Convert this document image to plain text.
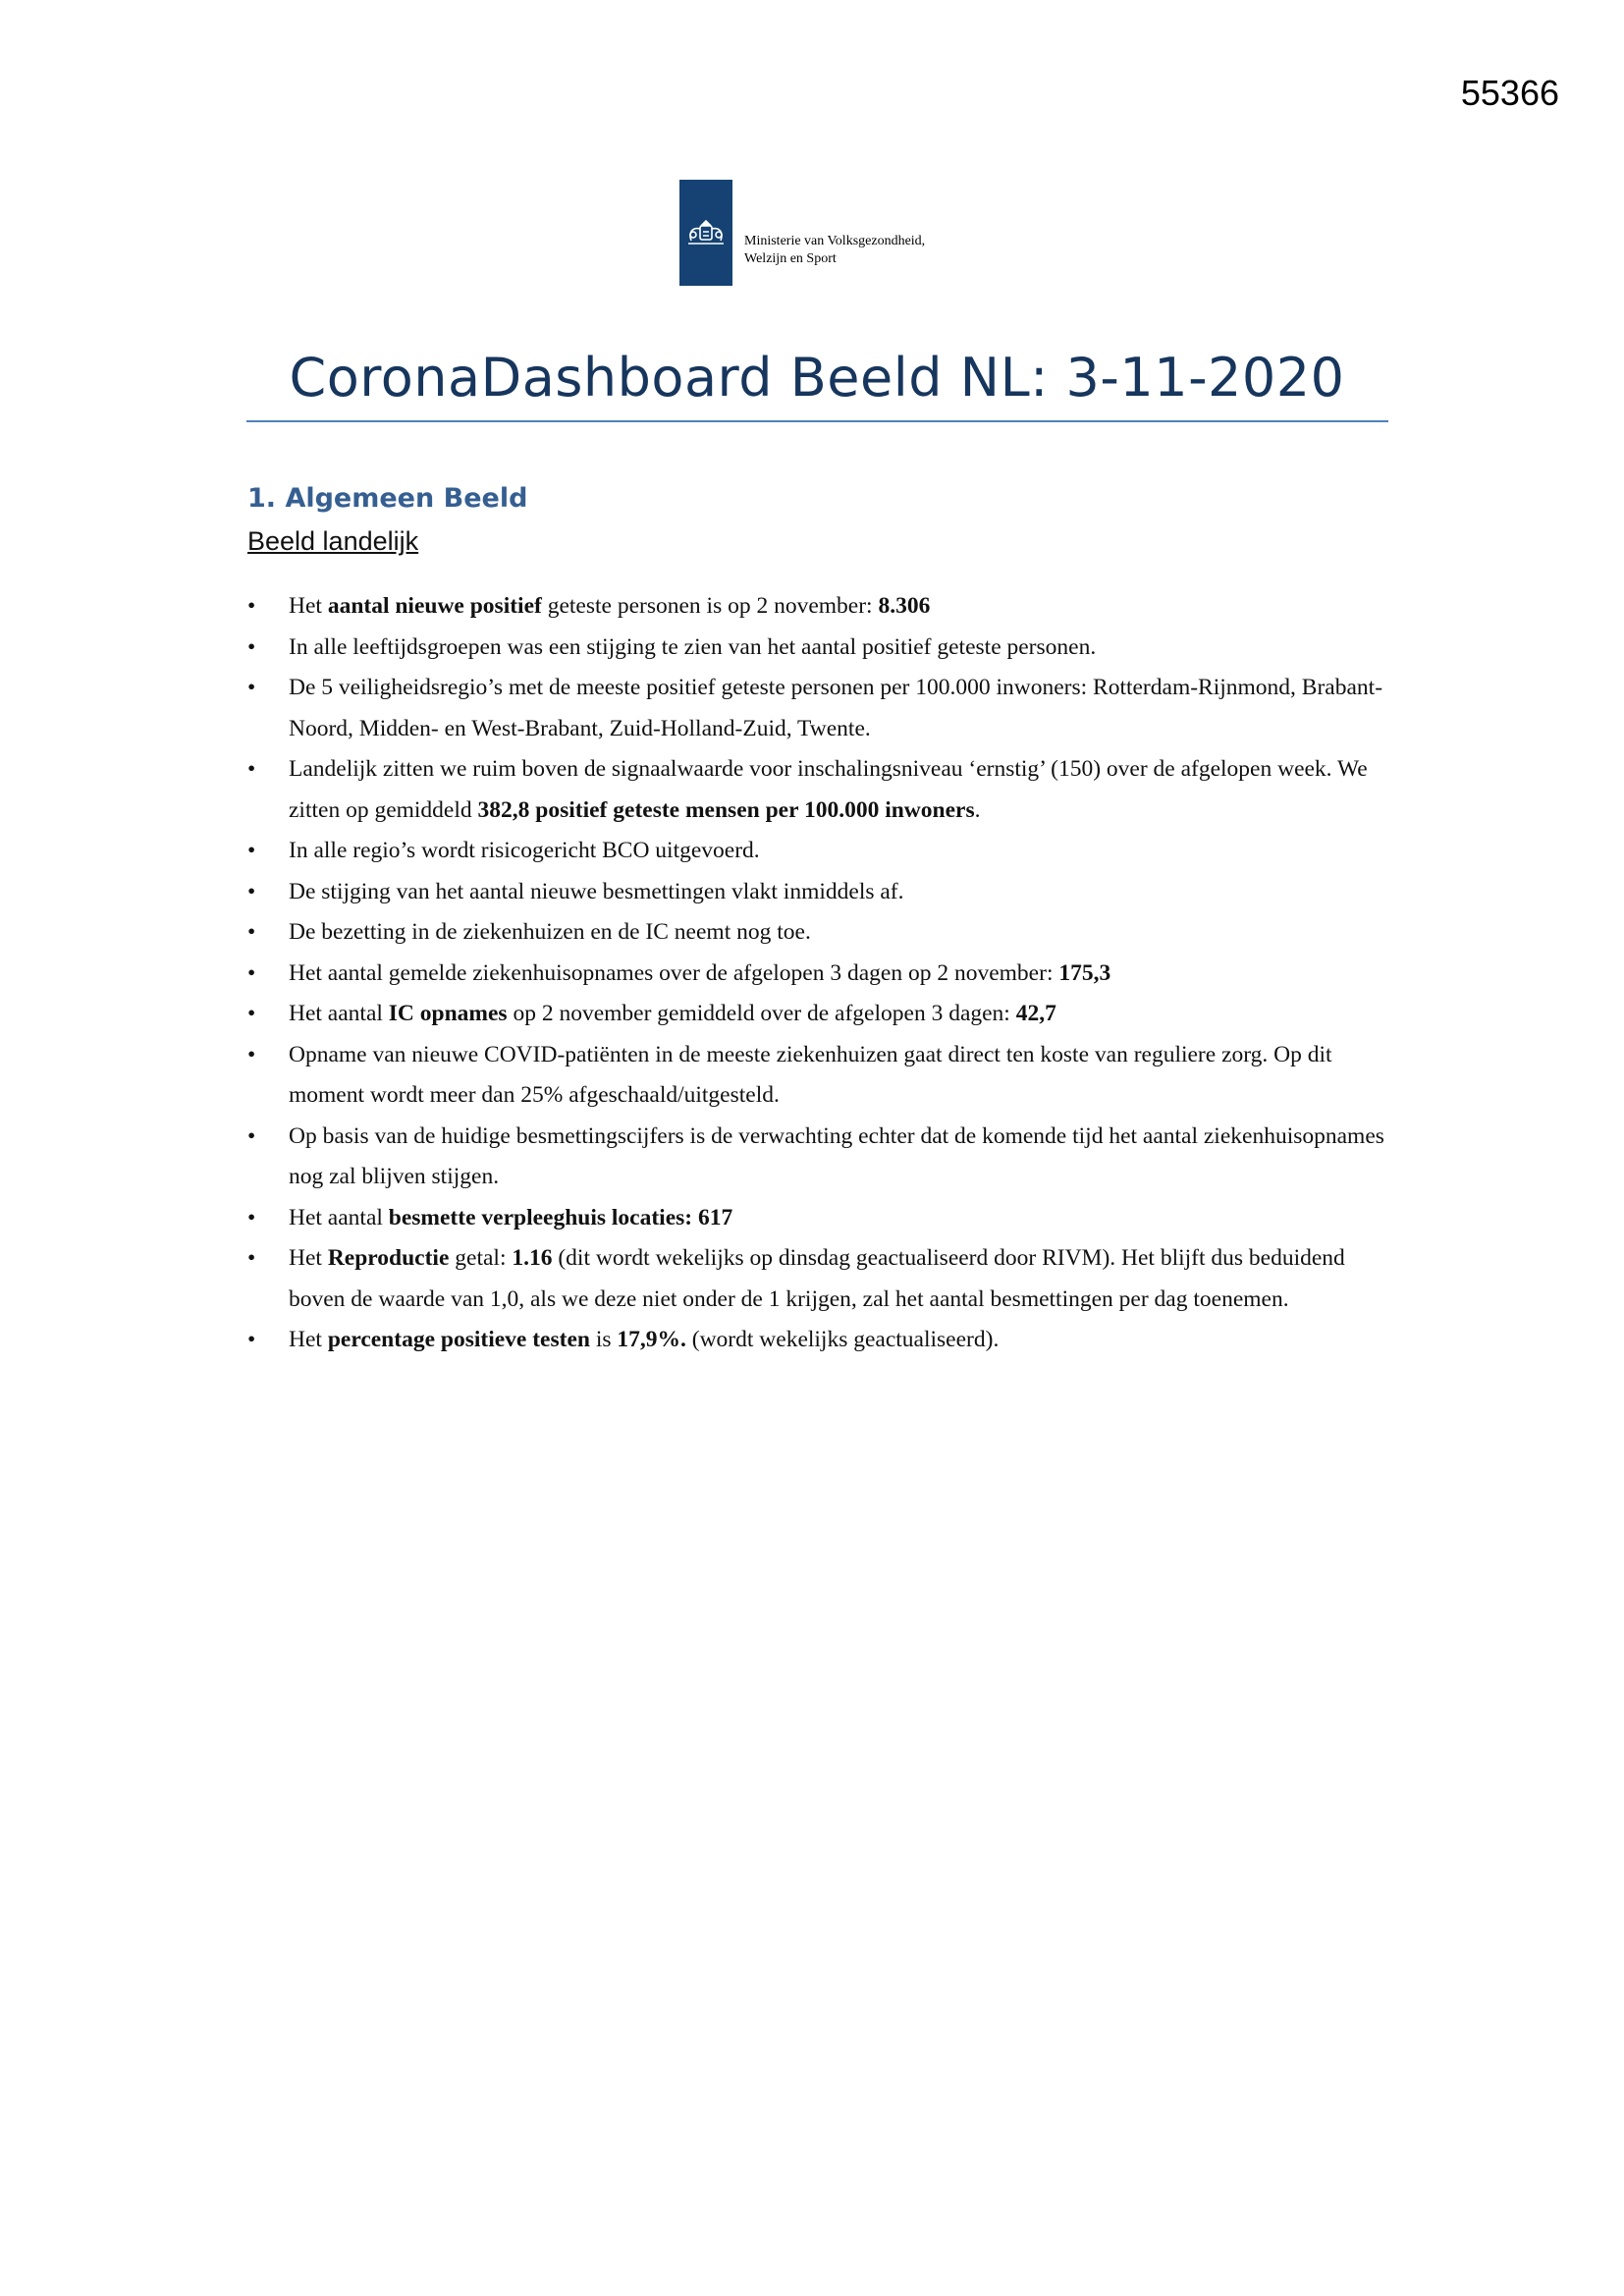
55366
Ministerie van Volksgezondheid,
Welzijn en Sport
CoronaDashboard Beeld NL: 3-11-2020
1. Algemeen Beeld
Beeld landelijk
•	Het aantal nieuwe positief geteste personen is op 2 november: 8.306
•	In alle leeftijdsgroepen was een stijging te zien van het aantal positief geteste personen.
•	De 5 veiligheidsregio’s met de meeste positief geteste personen per 100.000 inwoners: Rotterdam-Rijnmond, Brabant-Noord, Midden- en West-Brabant, Zuid-Holland-Zuid, Twente.
•	Landelijk zitten we ruim boven de signaalwaarde voor inschalingsniveau ‘ernstig’ (150) over de afgelopen week. We zitten op gemiddeld 382,8 positief geteste mensen per 100.000 inwoners.
•	In alle regio’s wordt risicogericht BCO uitgevoerd.
•	De stijging van het aantal nieuwe besmettingen vlakt inmiddels af.
•	De bezetting in de ziekenhuizen en de IC neemt nog toe.
•	Het aantal gemelde ziekenhuisopnames over de afgelopen 3 dagen op 2 november: 175,3
•	Het aantal IC opnames op 2 november gemiddeld over de afgelopen 3 dagen: 42,7
•	Opname van nieuwe COVID-patiënten in de meeste ziekenhuizen gaat direct ten koste van reguliere zorg. Op dit moment wordt meer dan 25% afgeschaald/uitgesteld.
•	Op basis van de huidige besmettingscijfers is de verwachting echter dat de komende tijd het aantal ziekenhuisopnames nog zal blijven stijgen.
•	Het aantal besmette verpleeghuis locaties: 617
•	Het Reproductie getal: 1.16 (dit wordt wekelijks op dinsdag geactualiseerd door RIVM). Het blijft dus beduidend boven de waarde van 1,0, als we deze niet onder de 1 krijgen, zal het aantal besmettingen per dag toenemen.
•	Het percentage positieve testen is 17,9%. (wordt wekelijks geactualiseerd).
